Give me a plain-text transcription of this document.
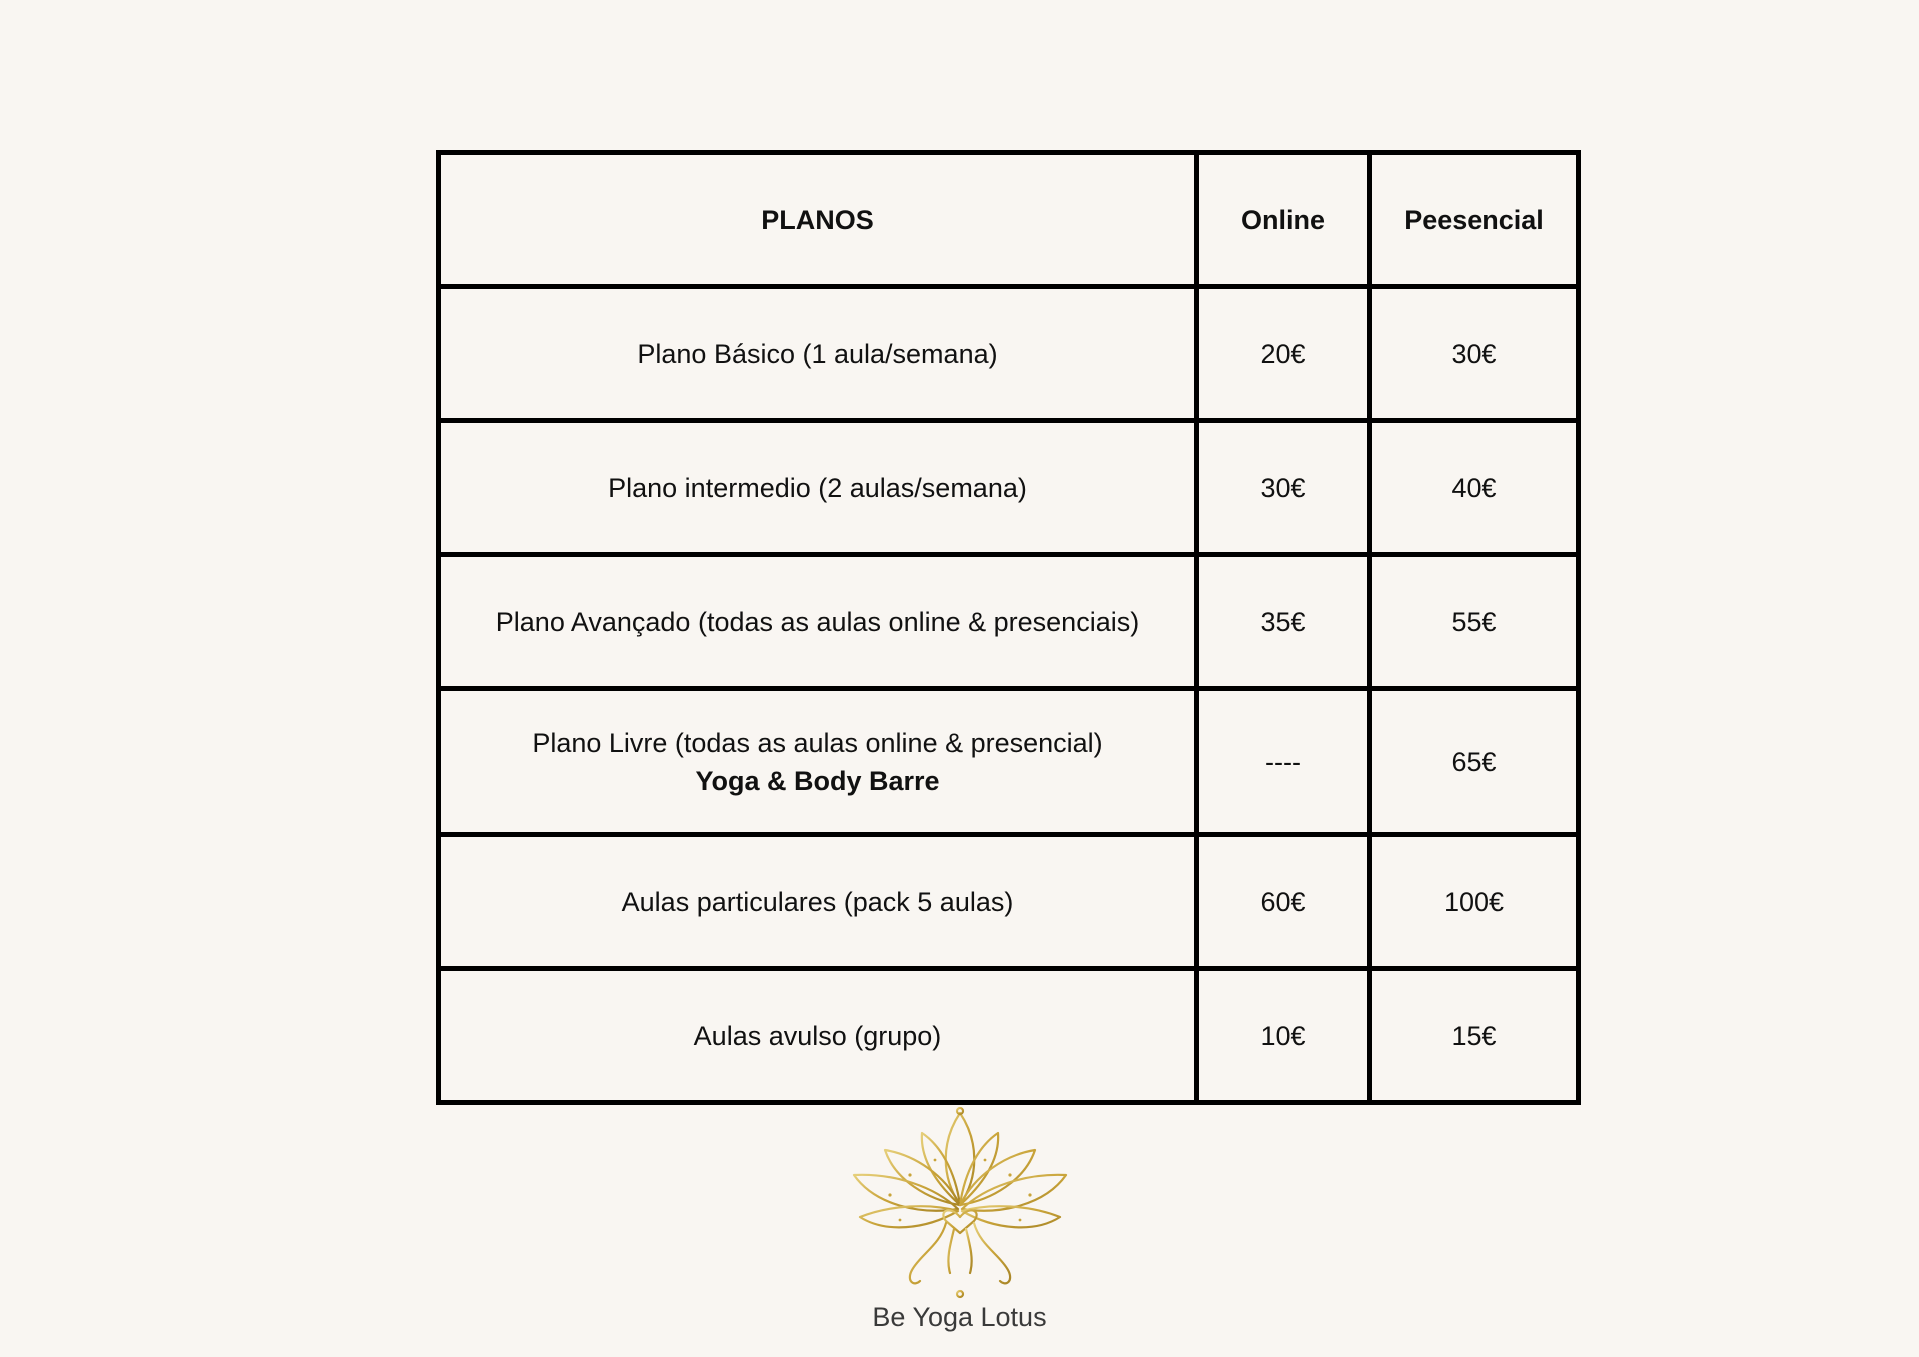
PLANOS	Online	Peesencial

Plano Básico (1 aula/semana)	20€	30€

Plano intermedio (2 aulas/semana)	30€	40€

Plano Avançado (todas as aulas online & presenciais)	35€	55€

Plano Livre (todas as aulas online & presencial)
Yoga & Body Barre	----	65€

Aulas particulares (pack 5 aulas)	60€	100€

Aulas avulso (grupo)	10€	15€
Be Yoga Lotus
